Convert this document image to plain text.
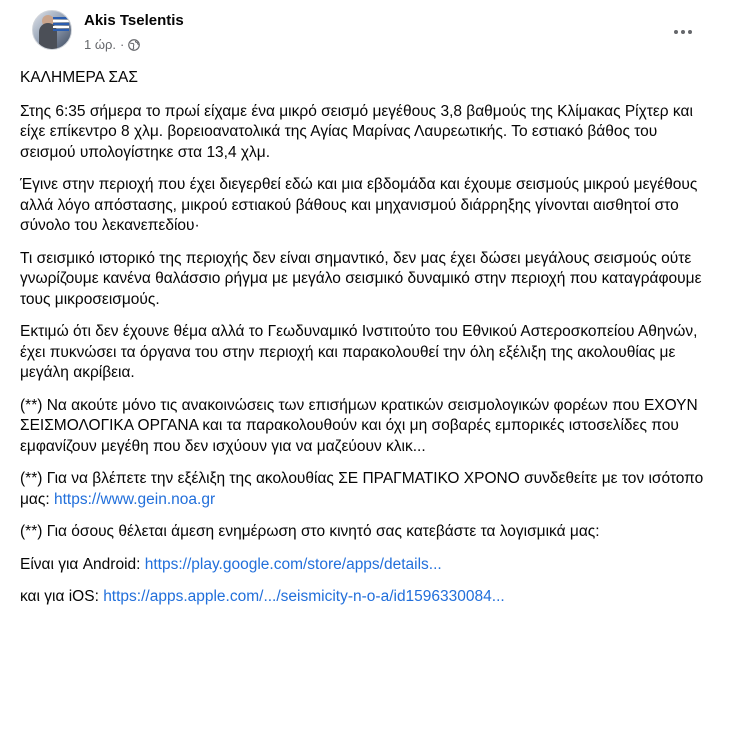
Akis Tselentis
1 ώρ. ·

ΚΑΛΗΜΕΡΑ ΣΑΣ

Στης 6:35 σήμερα το πρωί είχαμε ένα μικρό σεισμό μεγέθους 3,8 βαθμούς της Κλίμακας Ρίχτερ και είχε επίκεντρο 8 χλμ. βορειοανατολικά της Αγίας Μαρίνας Λαυρεωτικής. Το εστιακό βάθος του σεισμού υπολογίστηκε στα 13,4 χλμ.

Έγινε στην περιοχή που έχει διεγερθεί εδώ και μια εβδομάδα και έχουμε σεισμούς μικρού μεγέθους αλλά λόγο απόστασης, μικρού εστιακού βάθους και μηχανισμού διάρρηξης γίνονται αισθητοί στο σύνολο του λεκανεπεδίου·

Τι σεισμικό ιστορικό της περιοχής δεν είναι σημαντικό, δεν μας έχει δώσει μεγάλους σεισμούς ούτε γνωρίζουμε κανένα θαλάσσιο ρήγμα με μεγάλο σεισμικό δυναμικό στην περιοχή που καταγράφουμε τους μικροσεισμούς.

Εκτιμώ ότι δεν έχουνε θέμα αλλά το Γεωδυναμικό Ινστιτούτο του Εθνικού Αστεροσκοπείου Αθηνών, έχει πυκνώσει τα όργανα του στην περιοχή και παρακολουθεί την όλη εξέλιξη της ακολουθίας με μεγάλη ακρίβεια.

(**) Να ακούτε μόνο τις ανακοινώσεις των επισήμων κρατικών σεισμολογικών φορέων που ΕΧΟΥΝ ΣΕΙΣΜΟΛΟΓΙΚΑ ΟΡΓΑΝΑ και τα παρακολουθούν και όχι μη σοβαρές εμπορικές ιστοσελίδες που εμφανίζουν μεγέθη που δεν ισχύουν για να μαζεύουν κλικ...

(**) Για να βλέπετε την εξέλιξη της ακολουθίας ΣΕ ΠΡΑΓΜΑΤΙΚΟ ΧΡΟΝΟ συνδεθείτε με τον ισότοπο μας: https://www.gein.noa.gr

(**) Για όσους θέλεται άμεση ενημέρωση στο κινητό σας κατεβάστε τα λογισμικά μας:

Είναι για Android: https://play.google.com/store/apps/details...

και για iOS: https://apps.apple.com/.../seismicity-n-o-a/id1596330084...
